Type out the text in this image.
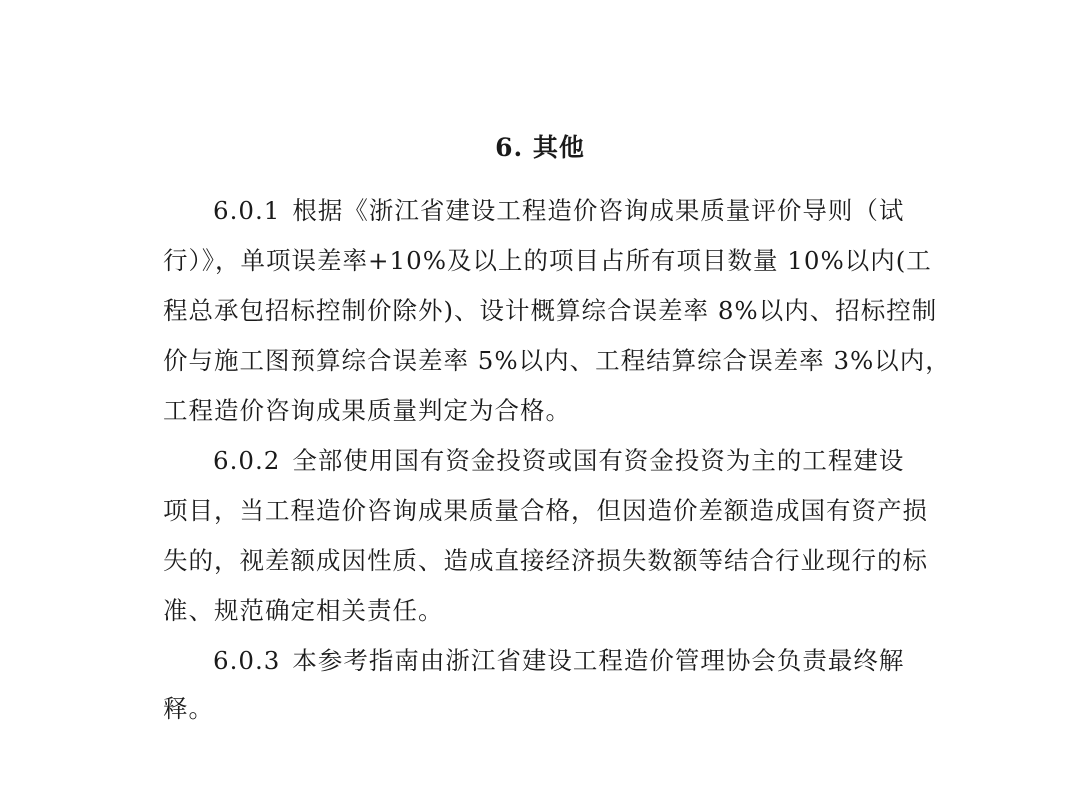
6. 其他
6.0.1 根据《浙江省建设工程造价咨询成果质量评价导则（试
行）》，单项误差率+10%及以上的项目占所有项目数量 10%以内(工
程总承包招标控制价除外)、设计概算综合误差率 8%以内、招标控制
价与施工图预算综合误差率 5%以内、工程结算综合误差率 3%以内，
工程造价咨询成果质量判定为合格。
6.0.2 全部使用国有资金投资或国有资金投资为主的工程建设
项目，当工程造价咨询成果质量合格，但因造价差额造成国有资产损
失的，视差额成因性质、造成直接经济损失数额等结合行业现行的标
准、规范确定相关责任。
6.0.3 本参考指南由浙江省建设工程造价管理协会负责最终解
释。
